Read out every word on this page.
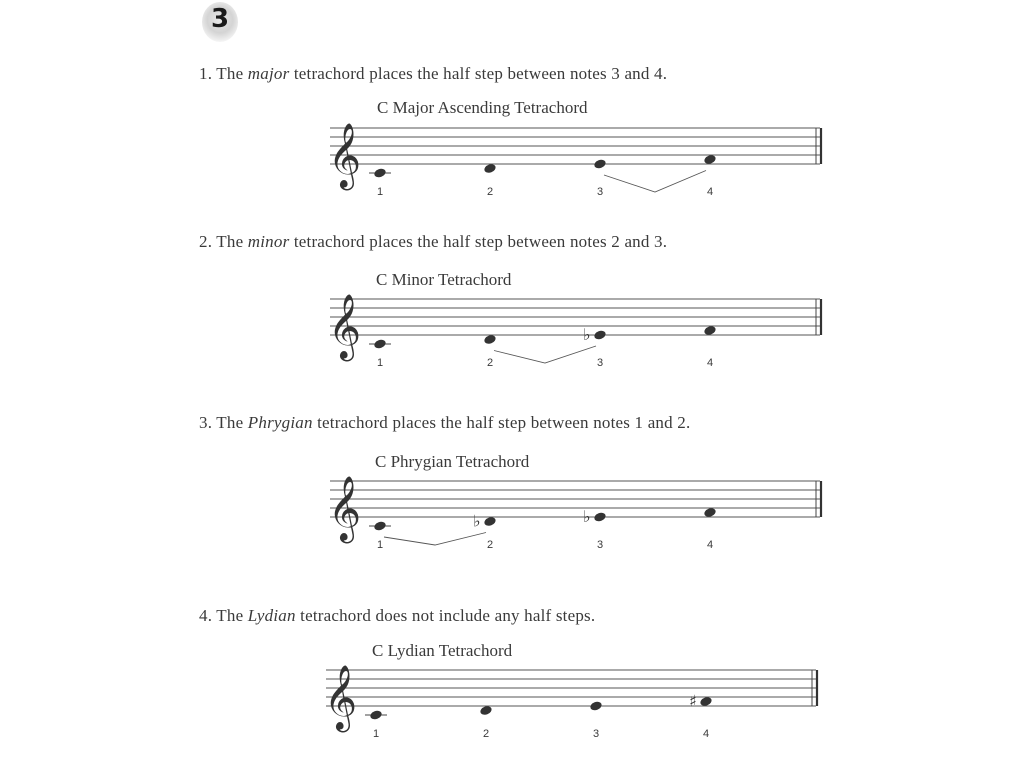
3
1. The major tetrachord places the half step between notes 3 and 4.
C Major Ascending Tetrachord
𝄞
1	2	3	4
2. The minor tetrachord places the half step between notes 2 and 3.
C Minor Tetrachord
𝄞
1	2
♭
3	4
3. The Phrygian tetrachord places the half step between notes 1 and 2.
C Phrygian Tetrachord
𝄞
1
♭
2
♭
3	4
4. The Lydian tetrachord does not include any half steps.
C Lydian Tetrachord
𝄞
1	2	3
♯
4
